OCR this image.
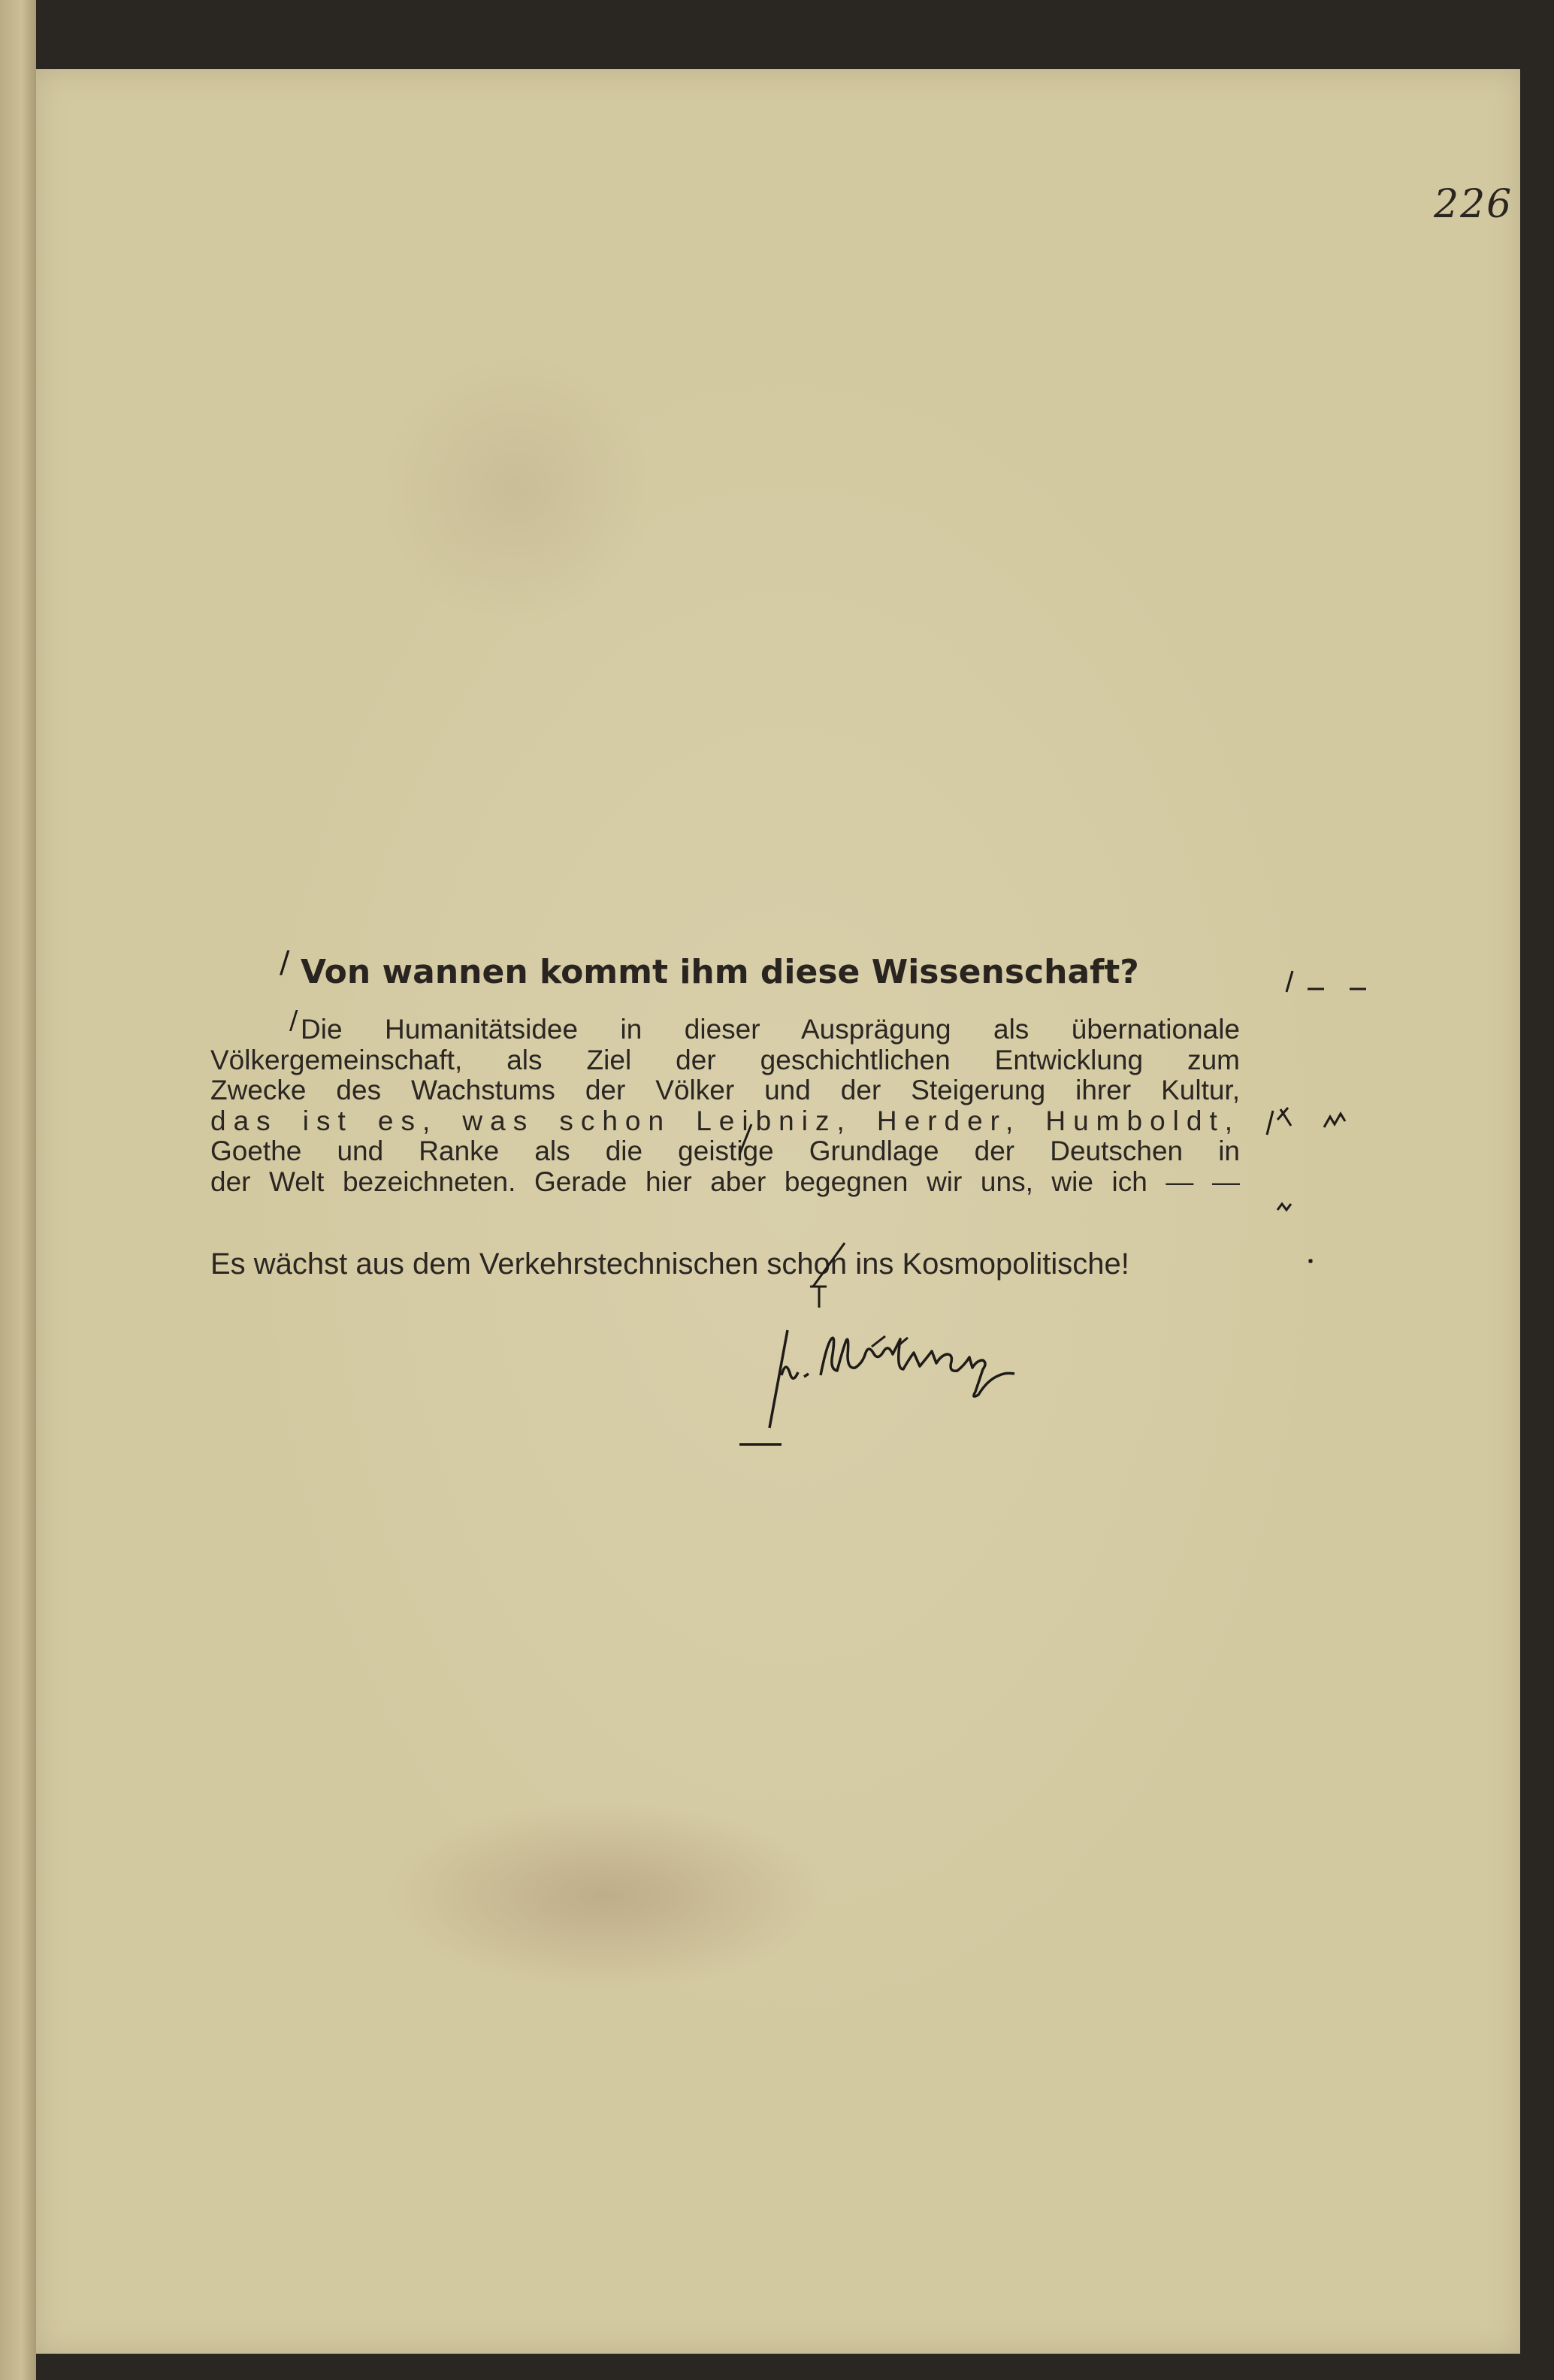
226
Von wannen kommt ihm diese Wissenschaft?
Die Humanitätsidee in dieser Ausprägung als übernationale
Völkergemeinschaft, als Ziel der geschichtlichen Entwicklung zum
Zwecke des Wachstums der Völker und der Steigerung ihrer Kultur,
das ist es, was schon Leibniz, Herder, Humboldt,
Goethe und Ranke als die geistige Grundlage der Deutschen in
der Welt bezeichneten. Gerade hier aber begegnen wir uns, wie ich — —
Es wächst aus dem Verkehrstechnischen schon ins Kosmopolitische!
/
/
